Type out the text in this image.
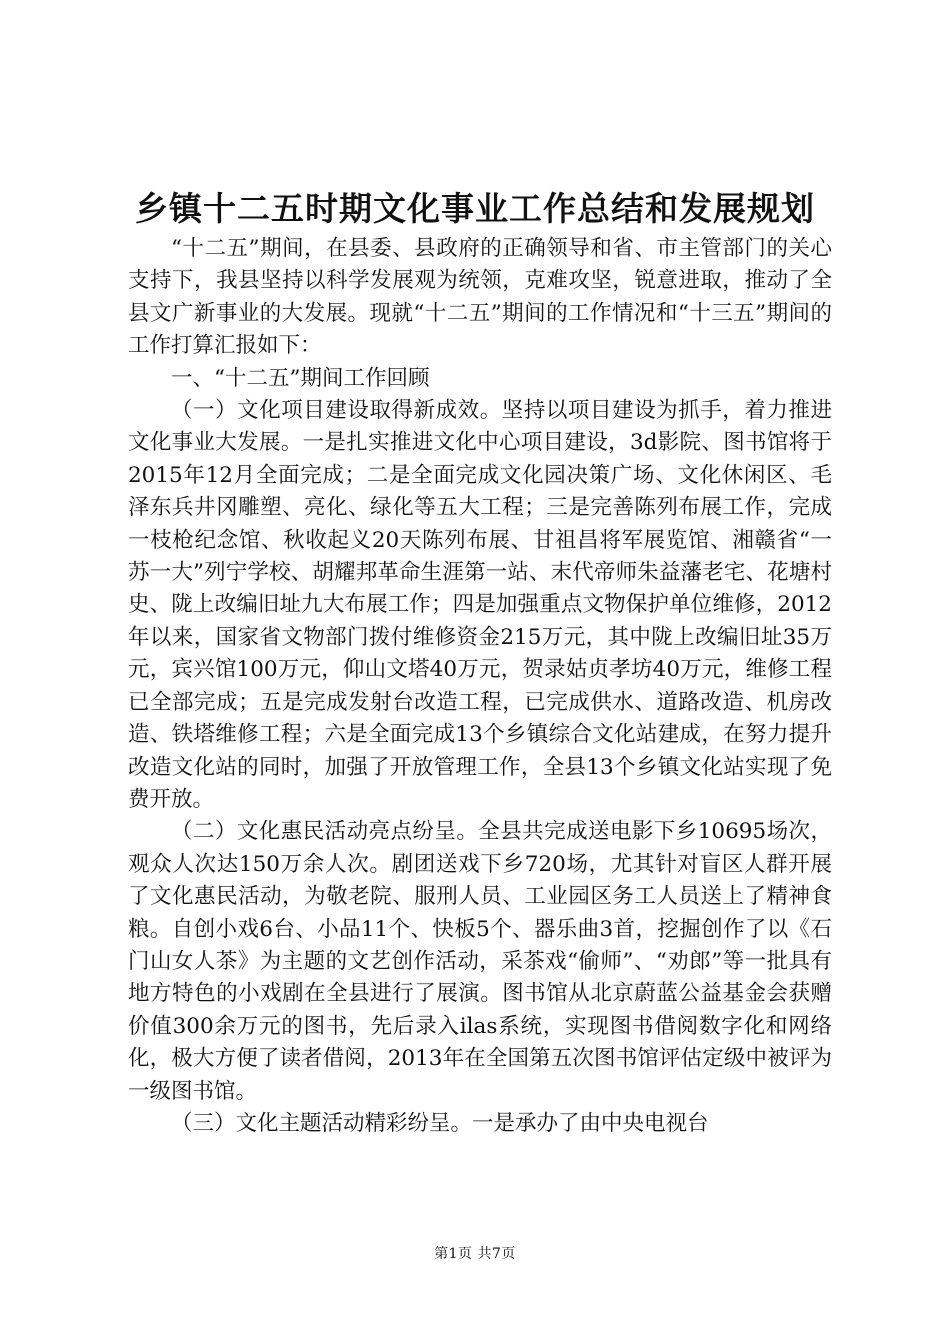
乡镇十二五时期文化事业工作总结和发展规划

“十二五”期间，在县委、县政府的正确领导和省、市主管部门的关心支持下，我县坚持以科学发展观为统领，克难攻坚，锐意进取，推动了全县文广新事业的大发展。现就“十二五”期间的工作情况和“十三五”期间的工作打算汇报如下：

一、“十二五”期间工作回顾

（一）文化项目建设取得新成效。坚持以项目建设为抓手，着力推进文化事业大发展。一是扎实推进文化中心项目建设，3d影院、图书馆将于2015年12月全面完成；二是全面完成文化园决策广场、文化休闲区、毛泽东兵井冈雕塑、亮化、绿化等五大工程；三是完善陈列布展工作，完成一枝枪纪念馆、秋收起义20天陈列布展、甘祖昌将军展览馆、湘赣省“一苏一大”列宁学校、胡耀邦革命生涯第一站、末代帝师朱益藩老宅、花塘村史、陇上改编旧址九大布展工作；四是加强重点文物保护单位维修，2012年以来，国家省文物部门拨付维修资金215万元，其中陇上改编旧址35万元，宾兴馆100万元，仰山文塔40万元，贺录姑贞孝坊40万元，维修工程已全部完成；五是完成发射台改造工程，已完成供水、道路改造、机房改造、铁塔维修工程；六是全面完成13个乡镇综合文化站建成，在努力提升改造文化站的同时，加强了开放管理工作，全县13个乡镇文化站实现了免费开放。

（二）文化惠民活动亮点纷呈。全县共完成送电影下乡10695场次，观众人次达150万余人次。剧团送戏下乡720场，尤其针对盲区人群开展了文化惠民活动，为敬老院、服刑人员、工业园区务工人员送上了精神食粮。自创小戏6台、小品11个、快板5个、器乐曲3首，挖掘创作了以《石门山女人茶》为主题的文艺创作活动，采茶戏“偷师”、“劝郎”等一批具有地方特色的小戏剧在全县进行了展演。图书馆从北京蔚蓝公益基金会获赠价值300余万元的图书，先后录入ilas系统，实现图书借阅数字化和网络化，极大方便了读者借阅，2013年在全国第五次图书馆评估定级中被评为一级图书馆。

（三）文化主题活动精彩纷呈。一是承办了由中央电视台

第1页 共7页
